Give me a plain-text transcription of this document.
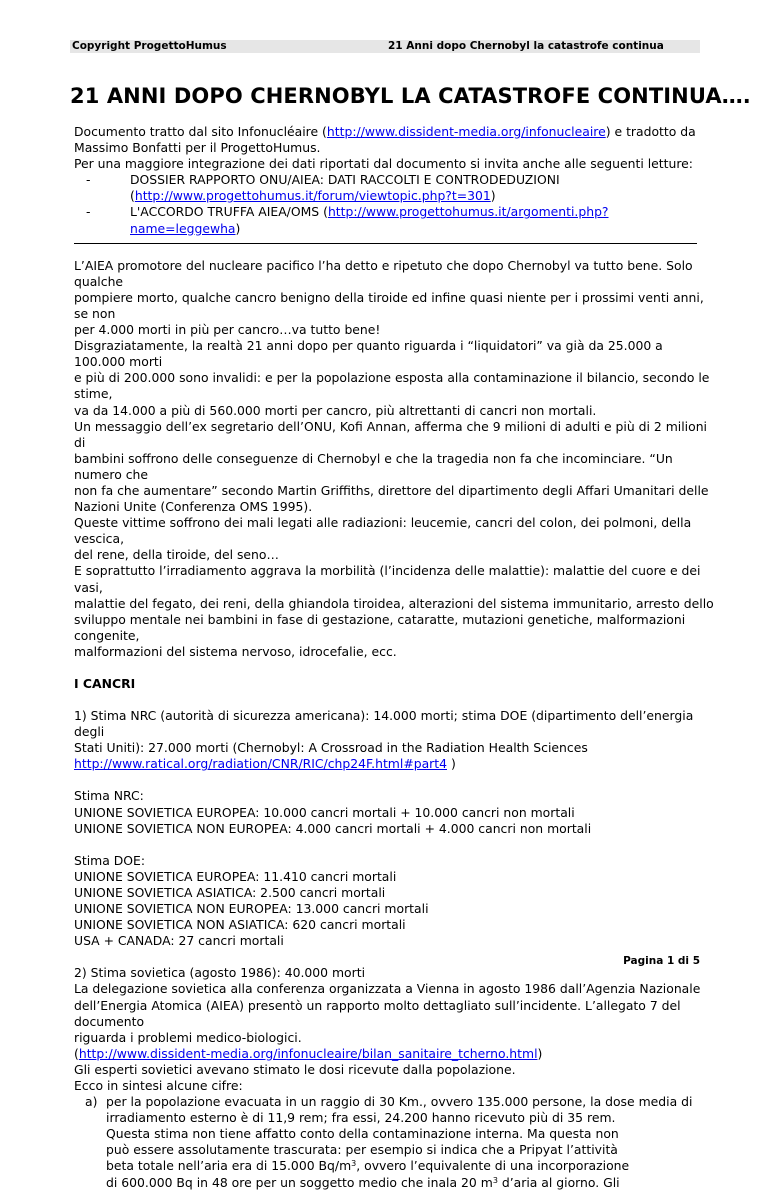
Copyright ProgettoHumus	21 Anni dopo Chernobyl la catastrofe continua
21 ANNI DOPO CHERNOBYL LA CATASTROFE CONTINUA….

Documento tratto dal sito Infonucléaire (http://www.dissident-media.org/infonucleaire) e tradotto da

Massimo Bonfatti per il ProgettoHumus.

Per una maggiore integrazione dei dati riportati dal documento si invita anche alle seguenti letture:

-	DOSSIER RAPPORTO ONU/AIEA: DATI RACCOLTI E CONTRODEDUZIONI

(http://www.progettohumus.it/forum/viewtopic.php?t=301)

-	L'ACCORDO TRUFFA AIEA/OMS (http://www.progettohumus.it/argomenti.php?name=leggewha)

L’AIEA promotore del nucleare pacifico l’ha detto e ripetuto che dopo Chernobyl va tutto bene. Solo qualche

pompiere morto, qualche cancro benigno della tiroide ed infine quasi niente per i prossimi venti anni, se non

per 4.000 morti in più per cancro…va tutto bene!

Disgraziatamente, la realtà 21 anni dopo per quanto riguarda i “liquidatori” va già da 25.000 a 100.000 morti

e più di 200.000 sono invalidi: e per la popolazione esposta alla contaminazione il bilancio, secondo le stime,

va da 14.000 a più di 560.000 morti per cancro, più altrettanti di cancri non mortali.

Un messaggio dell’ex segretario dell’ONU, Kofi Annan, afferma che 9 milioni di adulti e più di 2 milioni di

bambini soffrono delle conseguenze di Chernobyl e che la tragedia non fa che incominciare. “Un numero che

non fa che aumentare” secondo Martin Griffiths, direttore del dipartimento degli Affari Umanitari delle

Nazioni Unite (Conferenza OMS 1995).

Queste vittime soffrono dei mali legati alle radiazioni: leucemie, cancri del colon, dei polmoni, della vescica,

del rene, della tiroide, del seno…

E soprattutto l’irradiamento aggrava la morbilità (l’incidenza delle malattie): malattie del cuore e dei vasi,

malattie del fegato, dei reni, della ghiandola tiroidea, alterazioni del sistema immunitario, arresto dello

sviluppo mentale nei bambini in fase di gestazione, cataratte, mutazioni genetiche, malformazioni congenite,

malformazioni del sistema nervoso, idrocefalie, ecc.

I CANCRI

1) Stima NRC (autorità di sicurezza americana): 14.000 morti; stima DOE (dipartimento dell’energia degli

Stati Uniti): 27.000 morti (Chernobyl: A Crossroad in the Radiation Health Sciences

http://www.ratical.org/radiation/CNR/RIC/chp24F.html#part4 )

Stima NRC:

UNIONE SOVIETICA EUROPEA: 10.000 cancri mortali + 10.000 cancri non mortali

UNIONE SOVIETICA NON EUROPEA: 4.000 cancri mortali + 4.000 cancri non mortali

Stima DOE:

UNIONE SOVIETICA EUROPEA: 11.410 cancri mortali

UNIONE SOVIETICA ASIATICA: 2.500 cancri mortali

UNIONE SOVIETICA NON EUROPEA: 13.000 cancri mortali

UNIONE SOVIETICA NON ASIATICA: 620 cancri mortali

USA + CANADA: 27 cancri mortali

2) Stima sovietica (agosto 1986): 40.000 morti

La delegazione sovietica alla conferenza organizzata a Vienna in agosto 1986 dall’Agenzia Nazionale

dell’Energia Atomica (AIEA) presentò un rapporto molto dettagliato sull’incidente. L’allegato 7 del documento

riguarda i problemi medico-biologici.

(http://www.dissident-media.org/infonucleaire/bilan_sanitaire_tcherno.html)

Gli esperti sovietici avevano stimato le dosi ricevute dalla popolazione.

Ecco in sintesi alcune cifre:

a) per la popolazione evacuata in un raggio di 30 Km., ovvero 135.000 persone, la dose media di

irradiamento esterno è di 11,9 rem; fra essi, 24.200 hanno ricevuto più di 35 rem.

Questa stima non tiene affatto conto della contaminazione interna. Ma questa non

può essere assolutamente trascurata: per esempio si indica che a Pripyat l’attività

beta totale nell’aria era di 15.000 $Bq/m^3$, ovvero l’equivalente di una incorporazione

di 600.000 Bq in 48 ore per un soggetto medio che inala 20 $m^3$ d’aria al giorno. Gli

Pagina 1 di 5
